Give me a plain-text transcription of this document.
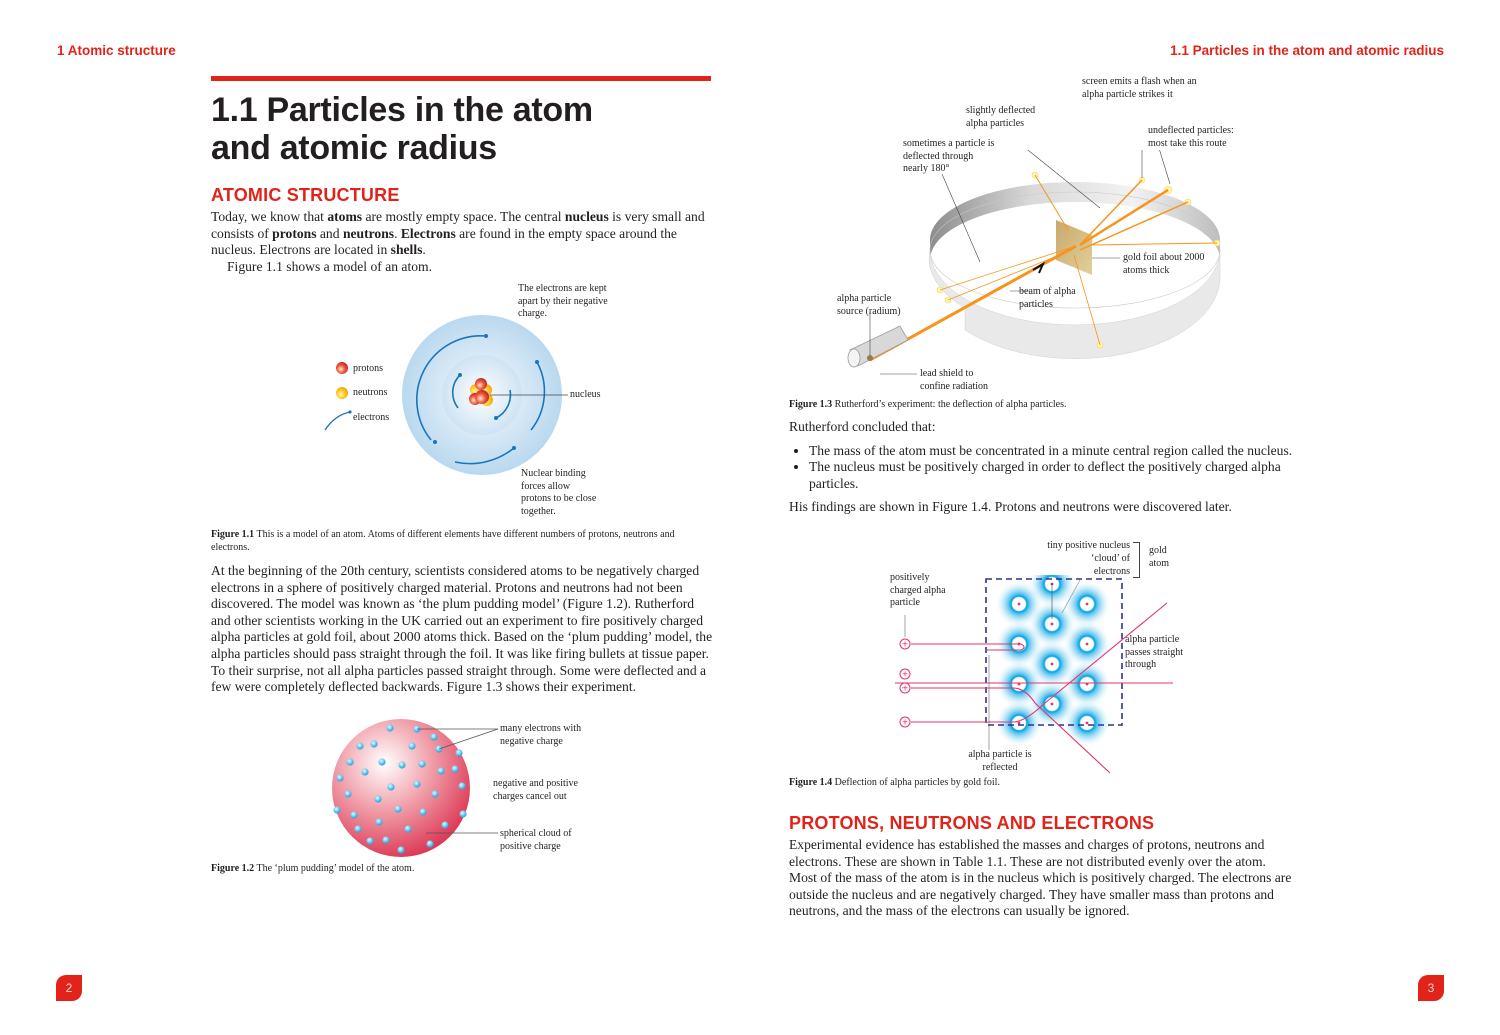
1 Atomic structure
1.1 Particles in the atom
and atomic radius
ATOMIC STRUCTURE
Today, we know that atoms are mostly empty space. The central nucleus is very small and consists of protons and neutrons. Electrons are found in the empty space around the nucleus. Electrons are located in shells.
Figure 1.1 shows a model of an atom.
protons
neutrons
electrons
The electrons are kept apart by their negative charge.
nucleus
Nuclear binding forces allow protons to be close together.
Figure 1.1 This is a model of an atom. Atoms of different elements have different numbers of protons, neutrons and electrons.
At the beginning of the 20th century, scientists considered atoms to be negatively charged electrons in a sphere of positively charged material. Protons and neutrons had not been discovered. The model was known as ‘the plum pudding model’ (Figure 1.2). Rutherford and other scientists working in the UK carried out an experiment to fire positively charged alpha particles at gold foil, about 2000 atoms thick. Based on the ‘plum pudding’ model, the alpha particles should pass straight through the foil. It was like firing bullets at tissue paper. To their surprise, not all alpha particles passed straight through. Some were deflected and a few were completely deflected backwards. Figure 1.3 shows their experiment.
many electrons with negative charge
negative and positive charges cancel out
spherical cloud of positive charge
Figure 1.2 The ‘plum pudding’ model of the atom.
2
1.1 Particles in the atom and atomic radius
screen emits a flash when an alpha particle strikes it
slightly deflected alpha particles
undeflected particles: most take this route
sometimes a particle is deflected through nearly 180°
gold foil about 2000 atoms thick
beam of alpha particles
alpha particle source (radium)
lead shield to confine radiation
Figure 1.3 Rutherford’s experiment: the deflection of alpha particles.
Rutherford concluded that:
• The mass of the atom must be concentrated in a minute central region called the nucleus.
• The nucleus must be positively charged in order to deflect the positively charged alpha particles.
His findings are shown in Figure 1.4. Protons and neutrons were discovered later.
+
+
+
+
tiny positive nucleus
‘cloud’ of electrons
gold atom
positively charged alpha particle
alpha particle passes straight through
alpha particle is reflected
Figure 1.4 Deflection of alpha particles by gold foil.
PROTONS, NEUTRONS AND ELECTRONS
Experimental evidence has established the masses and charges of protons, neutrons and electrons. These are shown in Table 1.1. These are not distributed evenly over the atom. Most of the mass of the atom is in the nucleus which is positively charged. The electrons are outside the nucleus and are negatively charged. They have smaller mass than protons and neutrons, and the mass of the electrons can usually be ignored.
3
